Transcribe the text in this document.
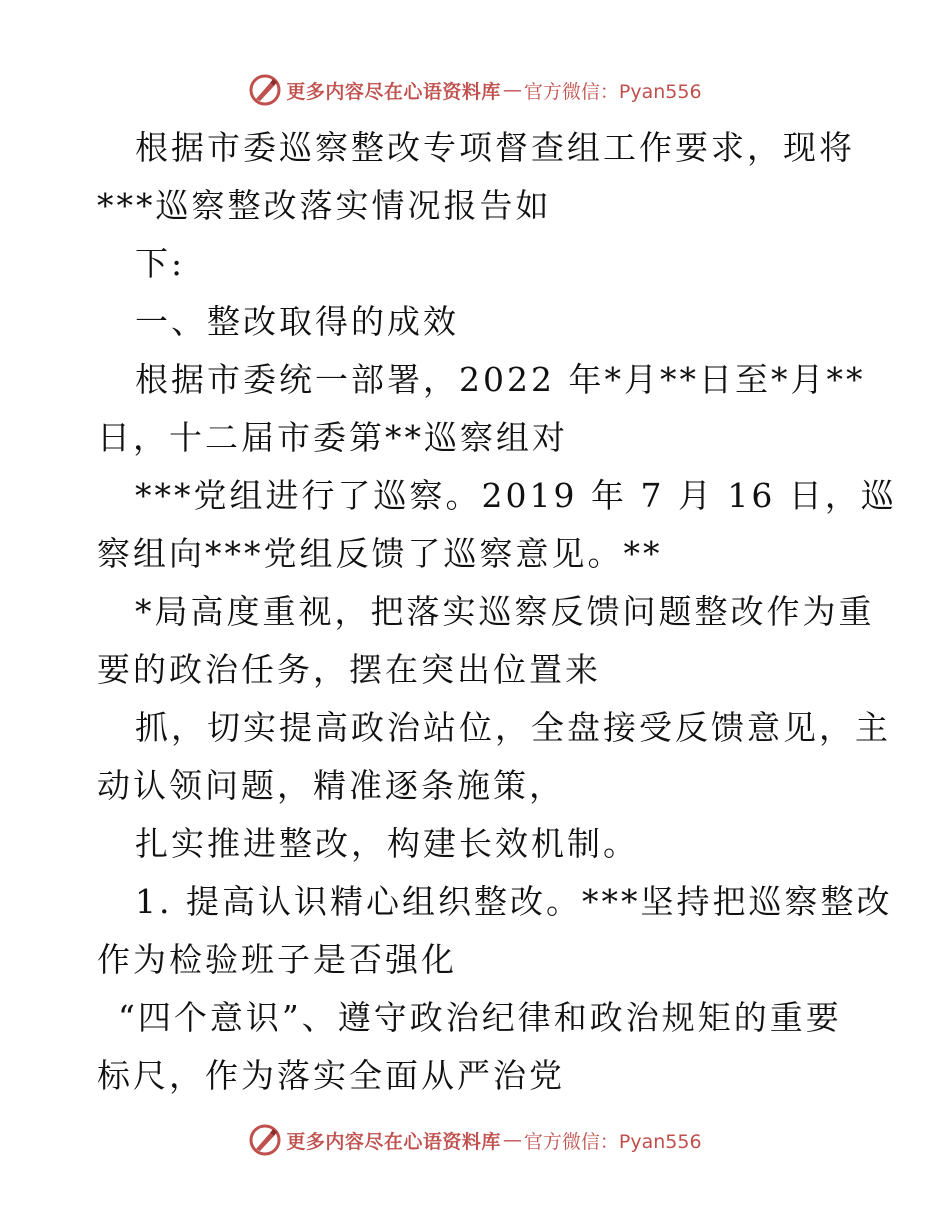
更多内容尽在心语资料库 — 官方微信：Pyan556
根据市委巡察整改专项督查组工作要求，现将
***巡察整改落实情况报告如
下:
一、整改取得的成效
根据市委统一部署，2022 年*月**日至*月**
日，十二届市委第**巡察组对
***党组进行了巡察。2019 年 7 月 16 日，巡
察组向***党组反馈了巡察意见。**
*局高度重视，把落实巡察反馈问题整改作为重
要的政治任务，摆在突出位置来
抓，切实提高政治站位，全盘接受反馈意见，主
动认领问题，精准逐条施策，
扎实推进整改，构建长效机制。
1. 提高认识精心组织整改。***坚持把巡察整改
作为检验班子是否强化
“四个意识”、遵守政治纪律和政治规矩的重要
标尺，作为落实全面从严治党
更多内容尽在心语资料库 — 官方微信：Pyan556
